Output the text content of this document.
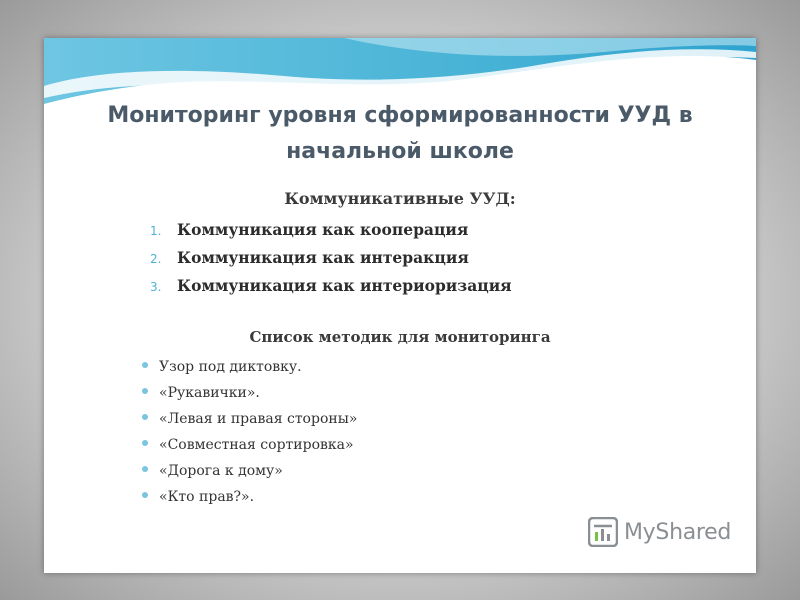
Мониторинг уровня сформированности УУД в
начальной школе
Коммуникативные УУД:
1. Коммуникация как кооперация
2. Коммуникация как интеракция
3. Коммуникация как интериоризация
Список методик для мониторинга
Узор под диктовку.
«Рукавички».
«Левая и правая стороны»
«Совместная сортировка»
«Дорога к дому»
«Кто прав?».
MyShared
